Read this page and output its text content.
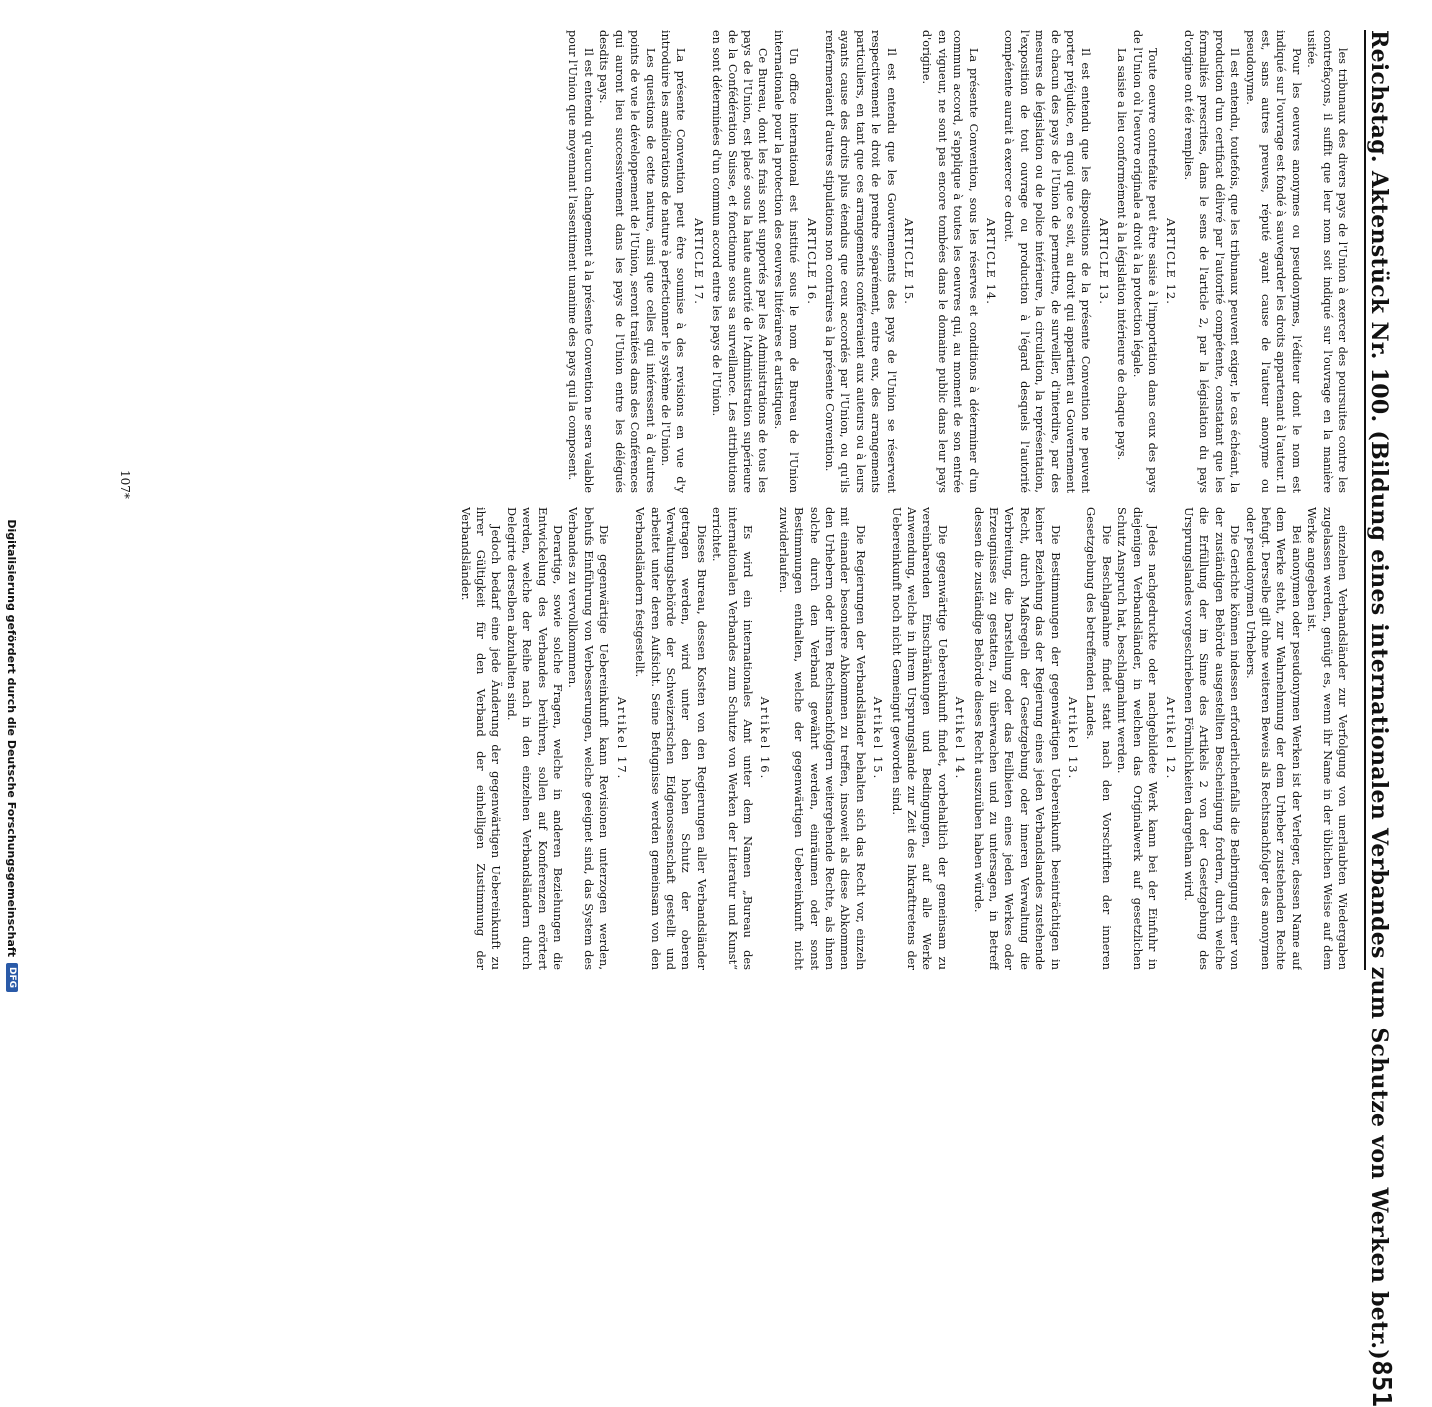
Reichstag. Aktenstück Nr. 100. (Bildung eines internationalen Verbandes zum Schutze von Werken betr.)
851

les tribunaux des divers pays de l'Union à exercer des poursuites contre les contrefaçons, il suffit que leur nom soit indiqué sur l'ouvrage en la manière usitée.

Pour les oeuvres anonymes ou pseudonymes, l'éditeur dont le nom est indiqué sur l'ouvrage est fondé à sauvegarder les droits appartenant à l'auteur. Il est, sans autres preuves, réputé ayant cause de l'auteur anonyme ou pseudonyme.

Il est entendu, toutefois, que les tribunaux peuvent exiger, le cas échéant, la production d'un certificat délivré par l'autorité compétente, constatant que les formalités prescrites, dans le sens de l'article 2, par la législation du pays d'origine ont été remplies.

ARTICLE 12.

Toute oeuvre contrefaite peut être saisie à l'importation dans ceux des pays de l'Union où l'oeuvre originale a droit à la protection légale.

La saisie a lieu conformément à la législation intérieure de chaque pays.

ARTICLE 13.

Il est entendu que les dispositions de la présente Convention ne peuvent porter préjudice, en quoi que ce soit, au droit qui appartient au Gouvernement de chacun des pays de l'Union de permettre, de surveiller, d'interdire, par des mesures de législation ou de police intérieure, la circulation, la représentation, l'exposition de tout ouvrage ou production à l'égard desquels l'autorité compétente aurait à exercer ce droit.

ARTICLE 14.

La présente Convention, sous les réserves et conditions à déterminer d'un commun accord, s'applique à toutes les oeuvres qui, au moment de son entrée en vigueur, ne sont pas encore tombées dans le domaine public dans leur pays d'origine.

ARTICLE 15.

Il est entendu que les Gouvernements des pays de l'Union se réservent respectivement le droit de prendre séparément, entre eux, des arrangements particuliers, en tant que ces arrangements conféreraient aux auteurs ou à leurs ayants cause des droits plus étendus que ceux accordés par l'Union, ou qu'ils renfermeraient d'autres stipulations non contraires à la présente Convention.

ARTICLE 16.

Un office international est institué sous le nom de Bureau de l'Union internationale pour la protection des oeuvres littéraires et artistiques.

Ce Bureau, dont les frais sont supportés par les Administrations de tous les pays de l'Union, est placé sous la haute autorité de l'Administration supérieure de la Confédération Suisse, et fonctionne sous sa surveillance. Les attributions en sont déterminées d'un commun accord entre les pays de l'Union.

ARTICLE 17.

La présente Convention peut être soumise à des revisions en vue d'y introduire les améliorations de nature à perfectionner le système de l'Union.

Les questions de cette nature, ainsi que celles qui intéressent à d'autres points de vue le développement de l'Union, seront traitées dans des Conférences qui auront lieu successivement dans les pays de l'Union entre les délégués desdits pays.

Il est entendu qu'aucun changement à la présente Convention ne sera valable pour l'Union que moyennant l'assentiment unanime des pays qui la composent.

einzelnen Verbandsländer zur Verfolgung von unerlaubten Wiedergaben zugelassen werden, genügt es, wenn ihr Name in der üblichen Weise auf dem Werke angegeben ist.

Bei anonymen oder pseudonymen Werken ist der Verleger, dessen Name auf dem Werke steht, zur Wahrnehmung der dem Urheber zustehenden Rechte befugt. Derselbe gilt ohne weiteren Beweis als Rechtsnachfolger des anonymen oder pseudonymen Urhebers.

Die Gerichte können indessen erforderlichenfalls die Beibringung einer von der zuständigen Behörde ausgestellten Bescheinigung fordern, durch welche die Erfüllung der im Sinne des Artikels 2 von der Gesetzgebung des Ursprungslandes vorgeschriebenen Förmlichkeiten dargethan wird.

Artikel 12.

Jedes nachgedruckte oder nachgebildete Werk kann bei der Einfuhr in diejenigen Verbandsländer, in welchen das Originalwerk auf gesetzlichen Schutz Anspruch hat, beschlagnahmt werden.

Die Beschlagnahme findet statt nach den Vorschriften der inneren Gesetzgebung des betreffenden Landes.

Artikel 13.

Die Bestimmungen der gegenwärtigen Uebereinkunft beeinträchtigen in keiner Beziehung das der Regierung eines jeden Verbandslandes zustehende Recht, durch Maßregeln der Gesetzgebung oder inneren Verwaltung die Verbreitung, die Darstellung oder das Feilbieten eines jeden Werkes oder Erzeugnisses zu gestatten, zu überwachen und zu untersagen, in Betreff dessen die zuständige Behörde dieses Recht auszuüben haben würde.

Artikel 14.

Die gegenwärtige Uebereinkunft findet, vorbehaltlich der gemeinsam zu vereinbarenden Einschränkungen und Bedingungen, auf alle Werke Anwendung, welche in ihrem Ursprungslande zur Zeit des Inkrafttretens der Uebereinkunft noch nicht Gemeingut geworden sind.

Artikel 15.

Die Regierungen der Verbandsländer behalten sich das Recht vor, einzeln mit einander besondere Abkommen zu treffen, insoweit als diese Abkommen den Urhebern oder ihren Rechtsnachfolgern weitergehende Rechte, als ihnen solche durch den Verband gewährt werden, einräumen oder sonst Bestimmungen enthalten, welche der gegenwärtigen Uebereinkunft nicht zuwiderlaufen.

Artikel 16.

Es wird ein internationales Amt unter dem Namen „Bureau des internationalen Verbandes zum Schutze von Werken der Literatur und Kunst“ errichtet.

Dieses Bureau, dessen Kosten von den Regierungen aller Verbandsländer getragen werden, wird unter den hohen Schutz der oberen Verwaltungsbehörde der Schweizerischen Eidgenossenschaft gestellt und arbeitet unter deren Aufsicht. Seine Befugnisse werden gemeinsam von den Verbandsländern festgestellt.

Artikel 17.

Die gegenwärtige Uebereinkunft kann Revisionen unterzogen werden, behufs Einführung von Verbesserungen, welche geeignet sind, das System des Verbandes zu vervollkommnen.

Derartige, sowie solche Fragen, welche in anderen Beziehungen die Entwickelung des Verbandes berühren, sollen auf Konferenzen erörtert werden, welche der Reihe nach in den einzelnen Verbandsländern durch Delegirte derselben abzuhalten sind.

Jedoch bedarf eine jede Änderung der gegenwärtigen Uebereinkunft zu ihrer Gültigkeit für den Verband der einhelligen Zustimmung der Verbandsländer.

107*
Digitalisierung gefördert durch die Deutsche Forschungsgemeinschaft
DFG
